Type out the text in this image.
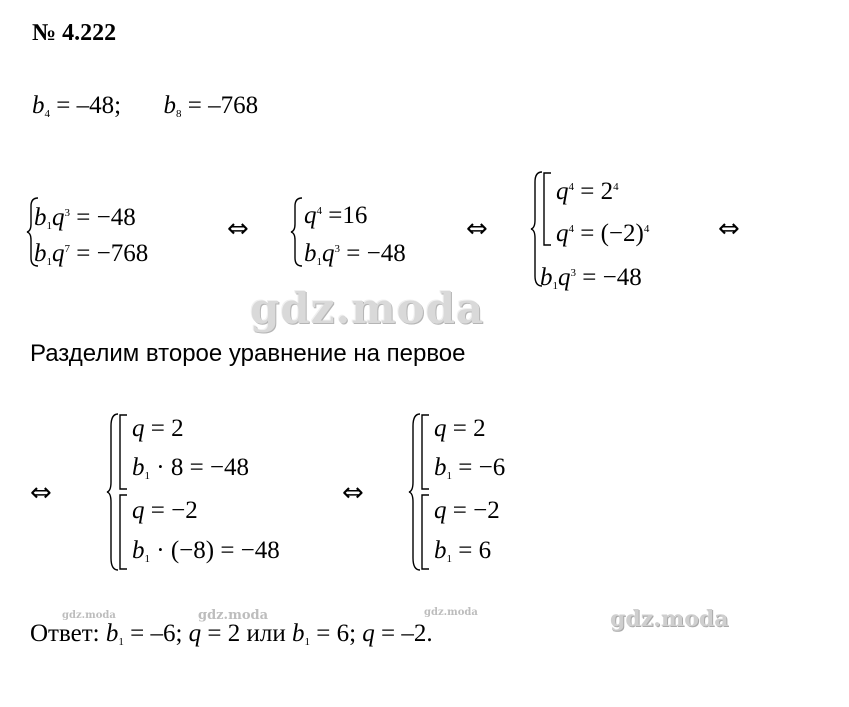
№ 4.222
$b_4 = -48$; $b_8 = -768$
$b_1q^3 = -48$
$b_1q^7 = -768$
⇔ $q^4 =16$
$b_1q^3 = -48$
⇔
$q^4 = 2^4$
$q^4 = (-2)^4$
$b_1q^3 = -48$
⇔
gdz.moda
Разделим второе уравнение на первое
⇔
q = 2
$b_1 \cdot 8 = -48$
q = −2
$b_1 \cdot (-8) = -48$
⇔
q = 2
$b_1 = -6$
q = −2
$b_1 = 6$
gdz.moda	gdz.moda	gdz.moda	gdz.moda
Ответ: $b_1 = -6$; q = 2 или $b_1 = 6$; q = –2.
